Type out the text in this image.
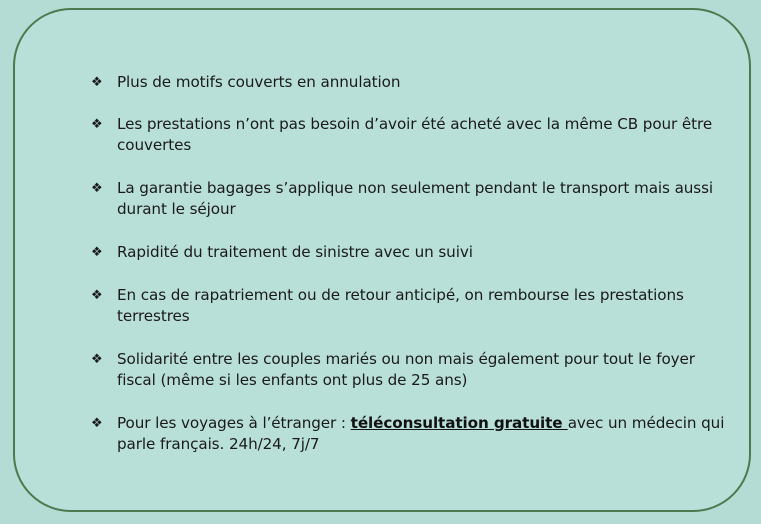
❖ Plus de motifs couverts en annulation
❖ Les prestations n’ont pas besoin d’avoir été acheté avec la même CB pour être couvertes
❖ La garantie bagages s’applique non seulement pendant le transport mais aussi durant le séjour
❖ Rapidité du traitement de sinistre avec un suivi
❖ En cas de rapatriement ou de retour anticipé, on rembourse les prestations terrestres
❖ Solidarité entre les couples mariés ou non mais également pour tout le foyer fiscal (même si les enfants ont plus de 25 ans)
❖ Pour les voyages à l’étranger : téléconsultation gratuite avec un médecin qui parle français. 24h/24, 7j/7
